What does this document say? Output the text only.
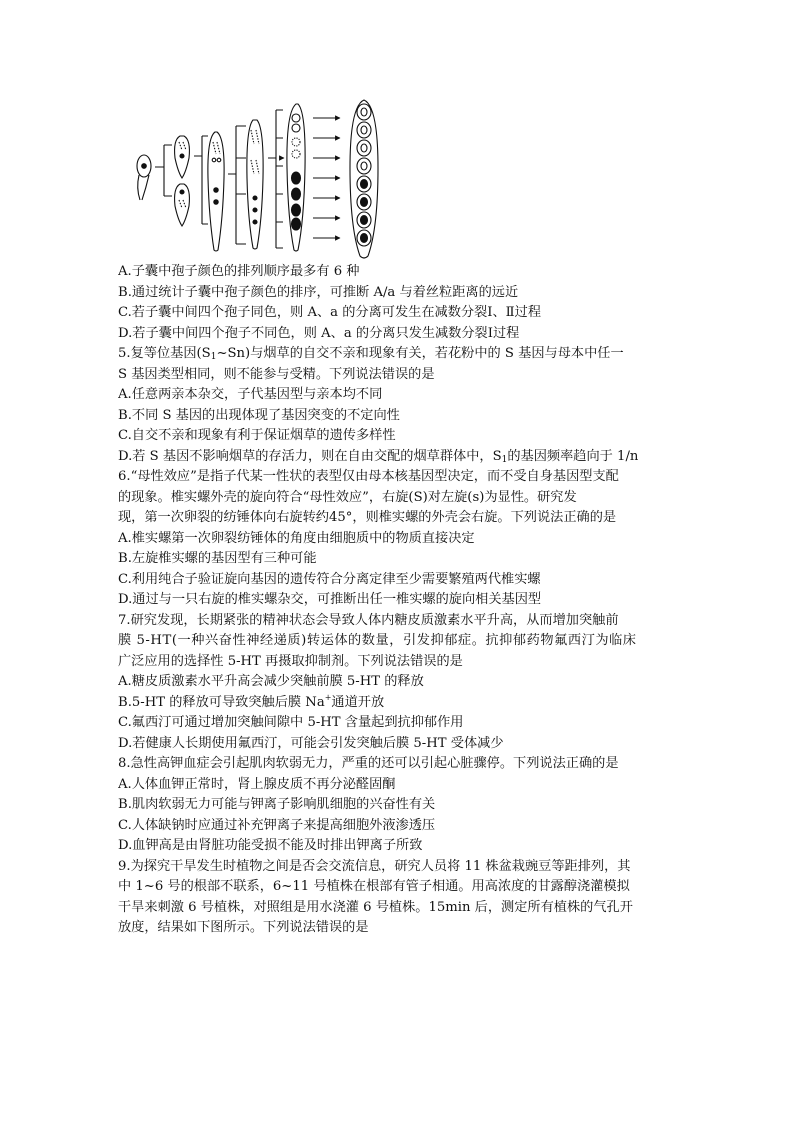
A.子囊中孢子颜色的排列顺序最多有 6 种
B.通过统计子囊中孢子颜色的排序，可推断 A/a 与着丝粒距离的远近
C.若子囊中间四个孢子同色，则 A、a 的分离可发生在减数分裂Ⅰ、Ⅱ过程
D.若子囊中间四个孢子不同色，则 A、a 的分离只发生减数分裂Ⅰ过程
5.复等位基因$(S_1\sim Sn)$与烟草的自交不亲和现象有关，若花粉中的 S 基因与母本中任一
S 基因类型相同，则不能参与受精。下列说法错误的是
A.任意两亲本杂交，子代基因型与亲本均不同
B.不同 S 基因的出现体现了基因突变的不定向性
C.自交不亲和现象有利于保证烟草的遗传多样性
D.若 S 基因不影响烟草的存活力，则在自由交配的烟草群体中，$S_1$的基因频率趋向于 1/n
6.“母性效应”是指子代某一性状的表型仅由母本核基因型决定，而不受自身基因型支配
的现象。椎实螺外壳的旋向符合“母性效应”，右旋(S)对左旋(s)为显性。研究发
现，第一次卵裂的纺锤体向右旋转约45°，则椎实螺的外壳会右旋。下列说法正确的是
A.椎实螺第一次卵裂纺锤体的角度由细胞质中的物质直接决定
B.左旋椎实螺的基因型有三种可能
C.利用纯合子验证旋向基因的遗传符合分离定律至少需要繁殖两代椎实螺
D.通过与一只右旋的椎实螺杂交，可推断出任一椎实螺的旋向相关基因型
7.研究发现，长期紧张的精神状态会导致人体内糖皮质激素水平升高，从而增加突触前
膜 5-HT(一种兴奋性神经递质)转运体的数量，引发抑郁症。抗抑郁药物氟西汀为临床
广泛应用的选择性 5-HT 再摄取抑制剂。下列说法错误的是
A.糖皮质激素水平升高会减少突触前膜 5-HT 的释放
B.5-HT 的释放可导致突触后膜 Na+通道开放
C.氟西汀可通过增加突触间隙中 5-HT 含量起到抗抑郁作用
D.若健康人长期使用氟西汀，可能会引发突触后膜 5-HT 受体减少
8.急性高钾血症会引起肌肉软弱无力，严重的还可以引起心脏骤停。下列说法正确的是
A.人体血钾正常时，肾上腺皮质不再分泌醛固酮
B.肌肉软弱无力可能与钾离子影响肌细胞的兴奋性有关
C.人体缺钠时应通过补充钾离子来提高细胞外液渗透压
D.血钾高是由肾脏功能受损不能及时排出钾离子所致
9.为探究干旱发生时植物之间是否会交流信息，研究人员将 11 株盆栽豌豆等距排列，其
中 1~6 号的根部不联系，6~11 号植株在根部有管子相通。用高浓度的甘露醇浇灌模拟
干旱来刺激 6 号植株，对照组是用水浇灌 6 号植株。15min 后，测定所有植株的气孔开
放度，结果如下图所示。下列说法错误的是
